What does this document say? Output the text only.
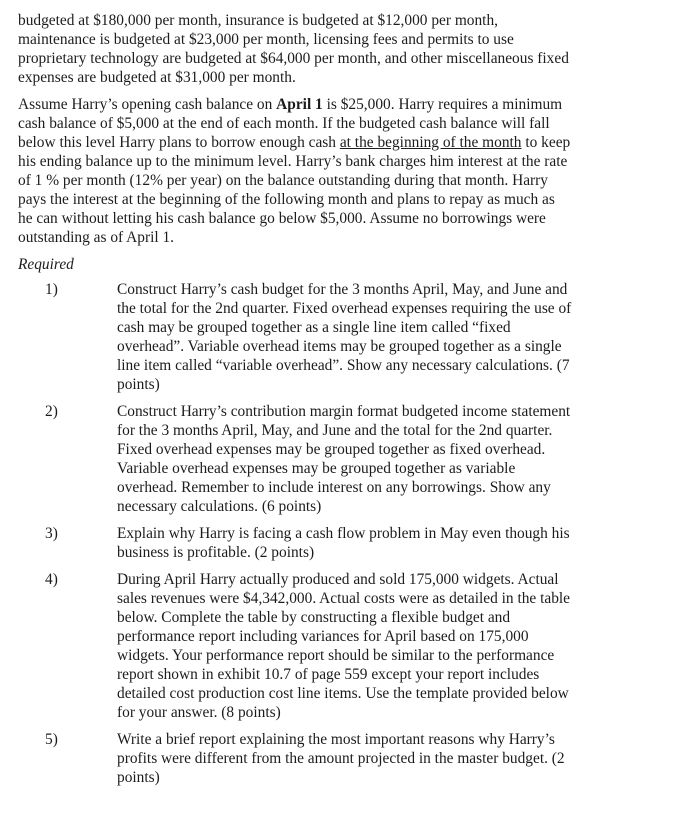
budgeted at $180,000 per month, insurance is budgeted at $12,000 per month,
maintenance is budgeted at $23,000 per month, licensing fees and permits to use
proprietary technology are budgeted at $64,000 per month, and other miscellaneous fixed
expenses are budgeted at $31,000 per month.

Assume Harry’s opening cash balance on April 1 is $25,000. Harry requires a minimum
cash balance of $5,000 at the end of each month. If the budgeted cash balance will fall
below this level Harry plans to borrow enough cash at the beginning of the month to keep
his ending balance up to the minimum level. Harry’s bank charges him interest at the rate
of 1 % per month (12% per year) on the balance outstanding during that month. Harry
pays the interest at the beginning of the following month and plans to repay as much as
he can without letting his cash balance go below $5,000. Assume no borrowings were
outstanding as of April 1.

Required

1)	Construct Harry’s cash budget for the 3 months April, May, and June and
the total for the 2nd quarter. Fixed overhead expenses requiring the use of
cash may be grouped together as a single line item called “fixed
overhead”. Variable overhead items may be grouped together as a single
line item called “variable overhead”. Show any necessary calculations. (7
points)
2)	Construct Harry’s contribution margin format budgeted income statement
for the 3 months April, May, and June and the total for the 2nd quarter.
Fixed overhead expenses may be grouped together as fixed overhead.
Variable overhead expenses may be grouped together as variable
overhead. Remember to include interest on any borrowings. Show any
necessary calculations. (6 points)
3)	Explain why Harry is facing a cash flow problem in May even though his
business is profitable. (2 points)
4)	During April Harry actually produced and sold 175,000 widgets. Actual
sales revenues were $4,342,000. Actual costs were as detailed in the table
below. Complete the table by constructing a flexible budget and
performance report including variances for April based on 175,000
widgets. Your performance report should be similar to the performance
report shown in exhibit 10.7 of page 559 except your report includes
detailed cost production cost line items. Use the template provided below
for your answer. (8 points)
5)	Write a brief report explaining the most important reasons why Harry’s
profits were different from the amount projected in the master budget. (2
points)
